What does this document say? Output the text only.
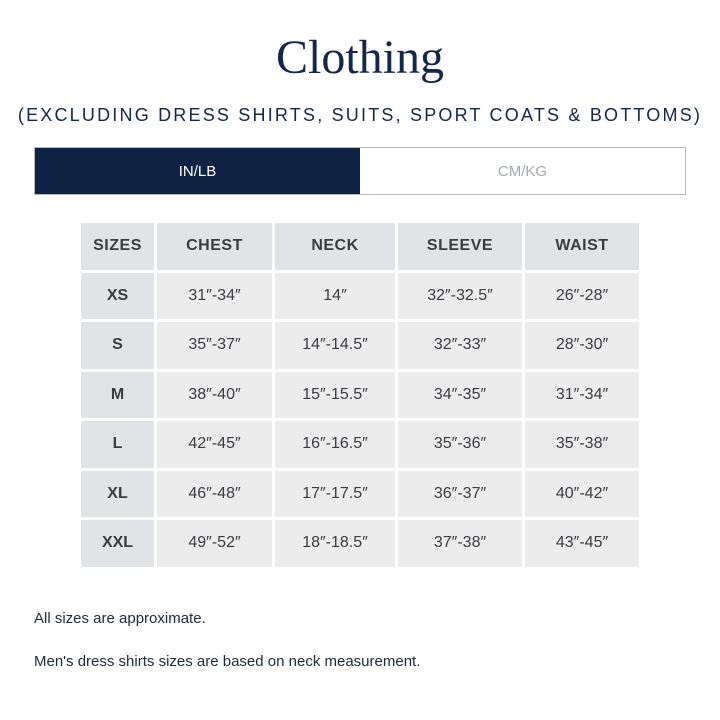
Clothing
(EXCLUDING DRESS SHIRTS, SUITS, SPORT COATS & BOTTOMS)
IN/LB	CM/KG
SIZES	CHEST	NECK	SLEEVE	WAIST
XS	31″-34″	14″	32″-32.5″	26″-28″
S	35″-37″	14″-14.5″	32″-33″	28″-30″
M	38″-40″	15″-15.5″	34″-35″	31″-34″
L	42″-45″	16″-16.5″	35″-36″	35″-38″
XL	46″-48″	17″-17.5″	36″-37″	40″-42″
XXL	49″-52″	18″-18.5″	37″-38″	43″-45″
All sizes are approximate.
Men's dress shirts sizes are based on neck measurement.
